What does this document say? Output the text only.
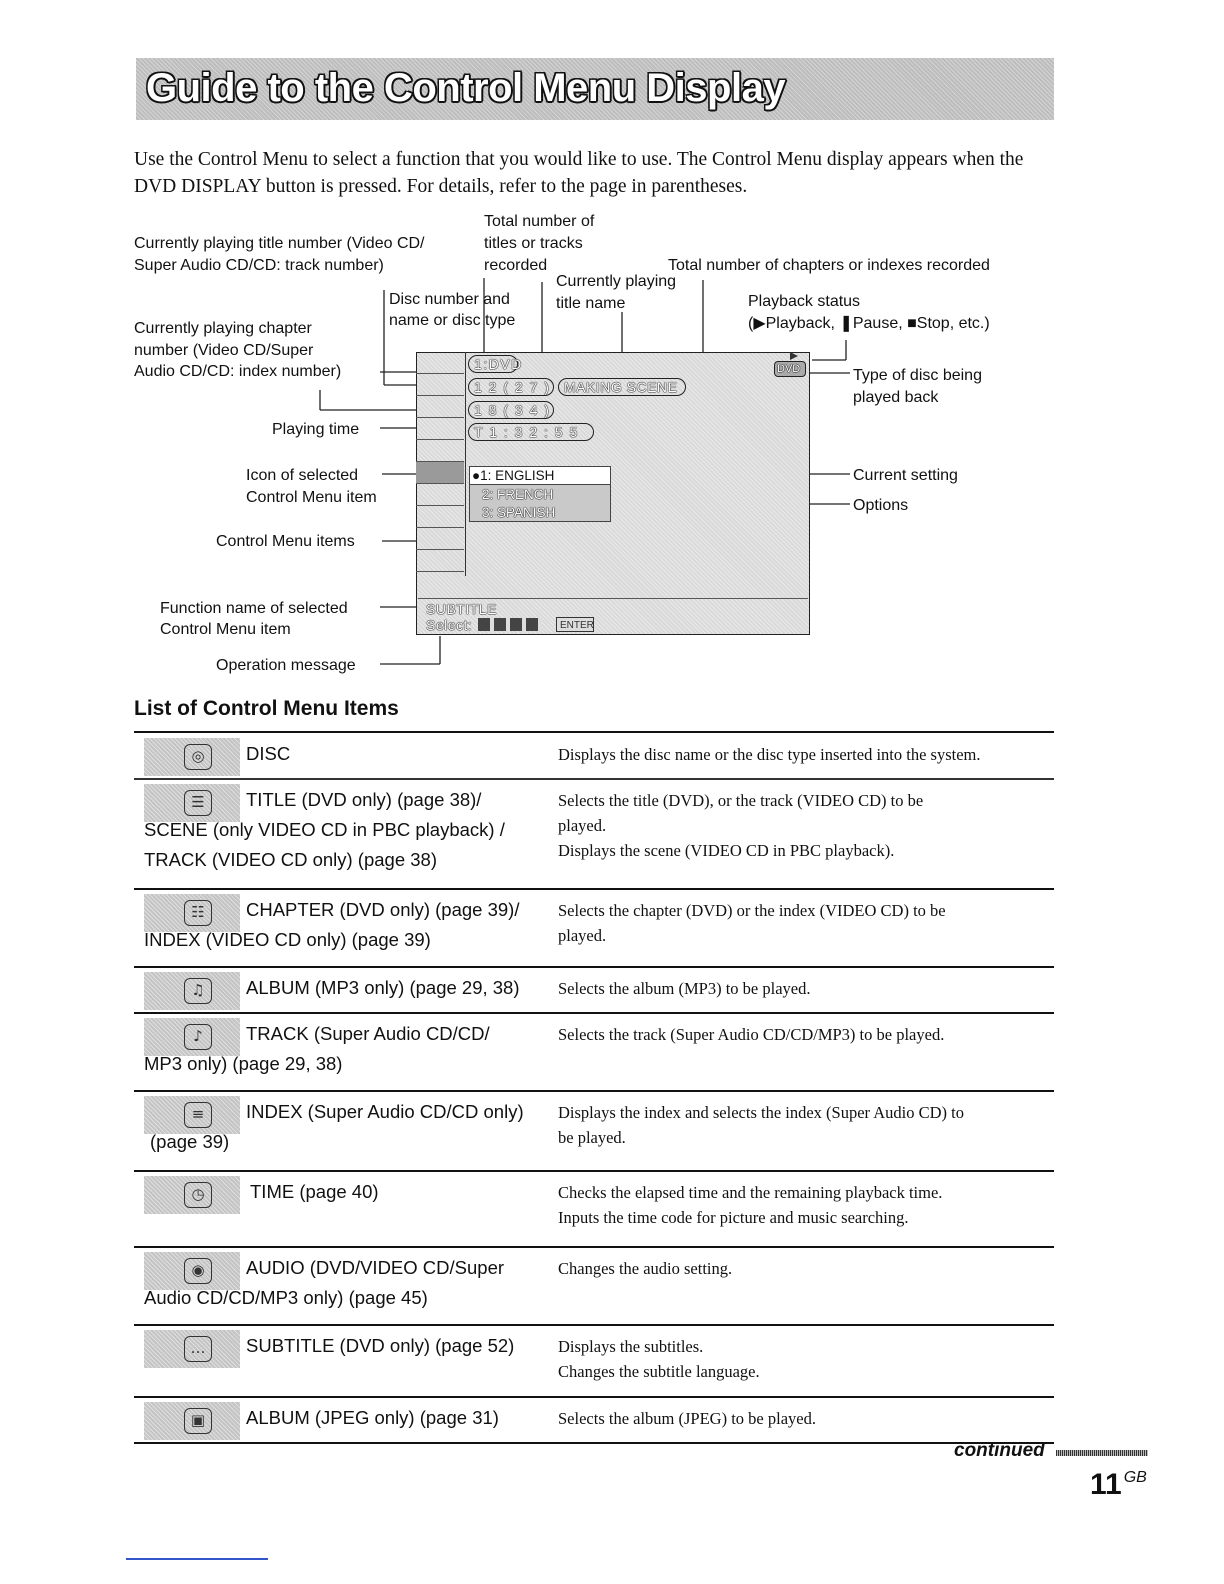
Guide to the Control Menu Display

Use the Control Menu to select a function that you would like to use. The Control Menu display appears when the DVD DISPLAY button is pressed. For details, refer to the page in parentheses.

Total number of
titles or tracks
recorded
Currently playing title number (Video CD/
Super Audio CD/CD: track number)	Total number of chapters or indexes recorded
Currently playing
title name
Disc number and
name or disc type
Playback status
(▶Playback, ❚Pause, ■Stop, etc.)
Currently playing chapter
number (Video CD/Super
Audio CD/CD: index number)	Type of disc being
played back
Playing time
Icon of selected
Control Menu item
Current setting
Options
Control Menu items
Function name of selected
Control Menu item
Operation message
1:DVD
1 2 ( 2 7 ) MAKING SCENE
1 8 ( 3 4 )
T 1 : 3 2 : 5 5
DVD
●1: ENGLISH
2: FRENCH
3: SPANISH
SUBTITLE
Select:	ENTER
List of Control Menu Items
◎	DISC	Displays the disc name or the disc type inserted into the system.
☰	TITLE (DVD only) (page 38)/
SCENE (only VIDEO CD in PBC playback) /
TRACK (VIDEO CD only) (page 38)
Selects the title (DVD), or the track (VIDEO CD) to be
played.
Displays the scene (VIDEO CD in PBC playback).
☷	CHAPTER (DVD only) (page 39)/
INDEX (VIDEO CD only) (page 39)
Selects the chapter (DVD) or the index (VIDEO CD) to be
played.
♫	ALBUM (MP3 only) (page 29, 38) Selects the album (MP3) to be played.
♪	TRACK (Super Audio CD/CD/
MP3 only) (page 29, 38)
Selects the track (Super Audio CD/CD/MP3) to be played.
≡	INDEX (Super Audio CD/CD only)
(page 39)
Displays the index and selects the index (Super Audio CD) to
be played.
◷	TIME (page 40)	Checks the elapsed time and the remaining playback time.
Inputs the time code for picture and music searching.
◉	AUDIO (DVD/VIDEO CD/Super
Audio CD/CD/MP3 only) (page 45)
Changes the audio setting.
…	SUBTITLE (DVD only) (page 52)	Displays the subtitles.
Changes the subtitle language.
▣	ALBUM (JPEG only) (page 31)	Selects the album (JPEG) to be played.
continued
11 $^{GB}$
